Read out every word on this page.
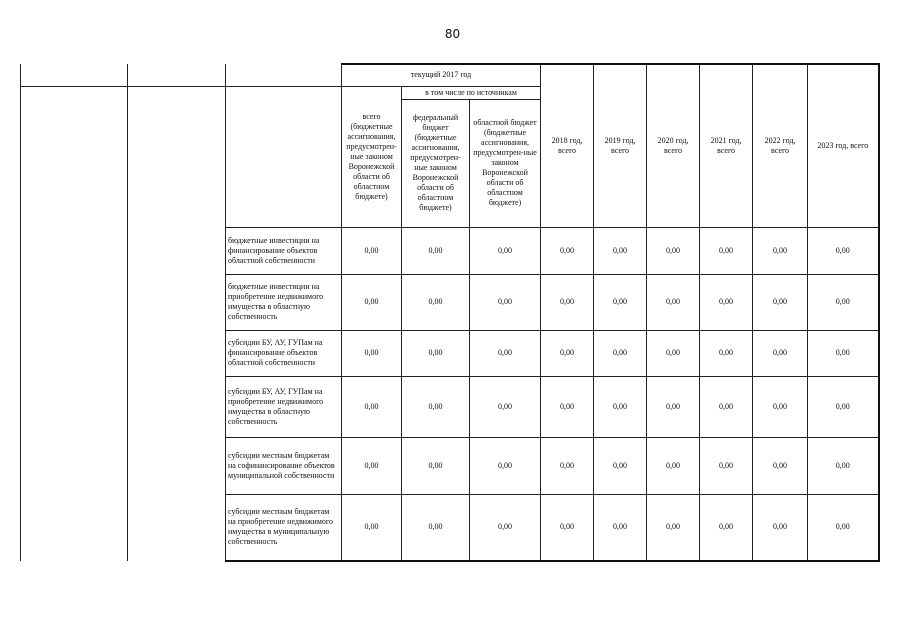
80
			текущий 2017 год			2018 год, всего	2019 год, всего	2020 год, всего	2021 год, всего	2022 год, всего	2023 год, всего
			всего (бюджетные ассигнования, предусмотрен-ные законом Воронежской области об областном бюджете)	в том числе по источникам							
				федеральный бюджет (бюджетные ассигнования, предусмотрен-ные законом Воронежской области об областном бюджете)	областной бюджет (бюджетные ассигнования, предусмотрен-ные законом Воронежской области об областном бюджете)						
		бюджетные инвестиции на финансирование объектов областной собственности	0,00	0,00	0,00	0,00	0,00	0,00	0,00	0,00	0,00
		бюджетные инвестиции на приобретение недвижимого имущества в областную собственность	0,00	0,00	0,00	0,00	0,00	0,00	0,00	0,00	0,00
		субсидии БУ, АУ, ГУПам на финансирование объектов областной собственности	0,00	0,00	0,00	0,00	0,00	0,00	0,00	0,00	0,00
		субсидии БУ, АУ, ГУПам на приобретение недвижимого имущества в областную собственность	0,00	0,00	0,00	0,00	0,00	0,00	0,00	0,00	0,00
		субсидии местным бюджетам на софинансирование объектов муниципальной собственности	0,00	0,00	0,00	0,00	0,00	0,00	0,00	0,00	0,00
		субсидии местным бюджетам на приобретение недвижимого имущества в муниципальную собственность	0,00	0,00	0,00	0,00	0,00	0,00	0,00	0,00	0,00
